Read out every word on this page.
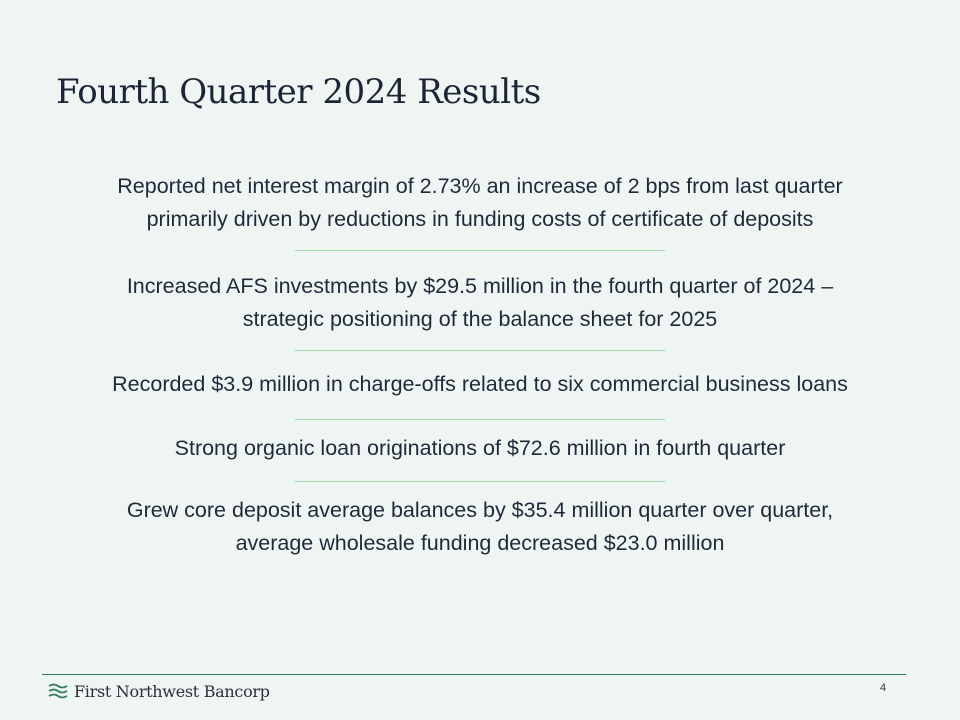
Fourth Quarter 2024 Results
Reported net interest margin of 2.73% an increase of 2 bps from last quarter
primarily driven by reductions in funding costs of certificate of deposits
Increased AFS investments by $29.5 million in the fourth quarter of 2024 –
strategic positioning of the balance sheet for 2025
Recorded $3.9 million in charge-offs related to six commercial business loans
Strong organic loan originations of $72.6 million in fourth quarter
Grew core deposit average balances by $35.4 million quarter over quarter,
average wholesale funding decreased $23.0 million
First Northwest Bancorp	4
